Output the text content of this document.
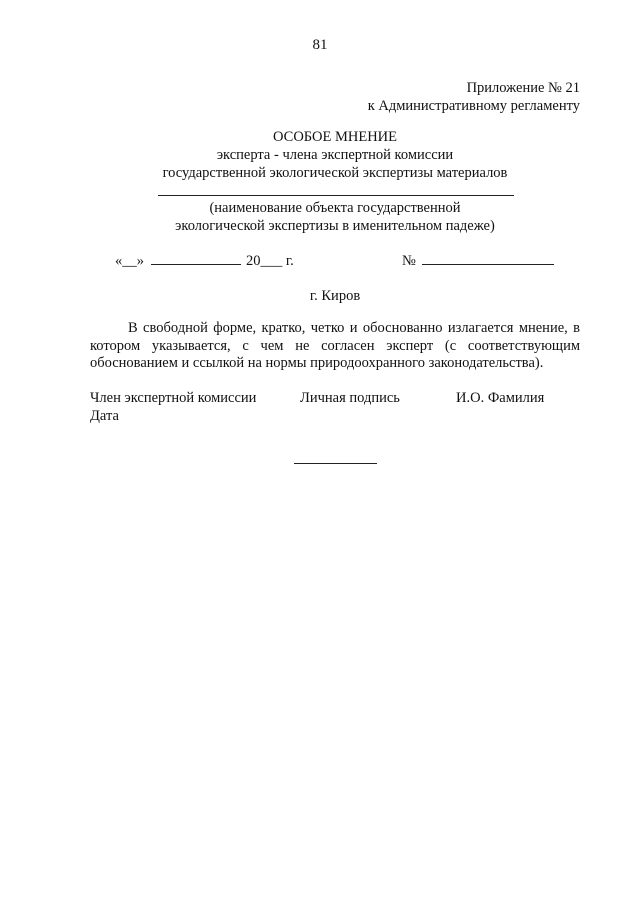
81
Приложение № 21
к Административному регламенту
ОСОБОЕ МНЕНИЕ
эксперта - члена экспертной комиссии
государственной экологической экспертизы материалов
(наименование объекта государственной
экологической экспертизы в именительном падеже)
«__»	20___ г.	№
г. Киров

В свободной форме, кратко, четко и обоснованно излагается мнение, в котором указывается, с чем не согласен эксперт (с соответствующим обоснованием и ссылкой на нормы природоохранного законодательства).

Член экспертной комиссии	Личная подпись	И.О. Фамилия
Дата
